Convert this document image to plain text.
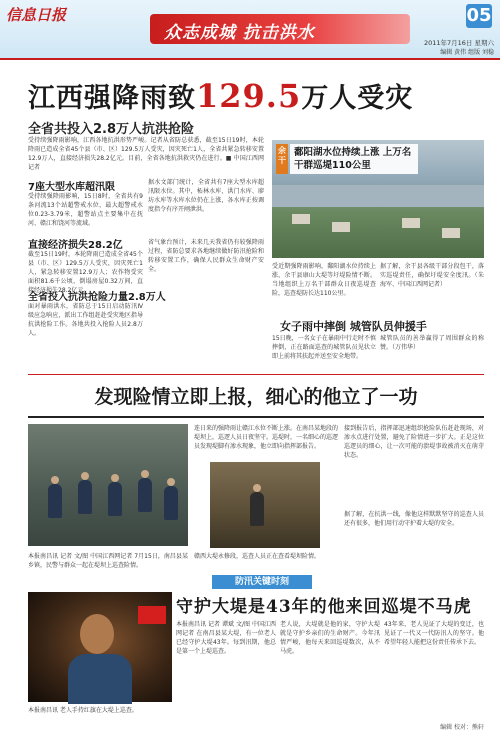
信息日报
众志成城 抗击洪水
05
2011年7月16日 星期六
编辑 黄伟 组版 刘稳
江西强降雨致129.5万人受灾
全省共投入2.8万人抗洪抢险
受持续强降雨影响，江西各地抗洪形势严峻。记者从省防总获悉，截至15日19时，本轮降雨已造成全省45个县（市、区）129.5万人受灾，因灾死亡1人，全省共紧急转移安置12.9万人，直接经济损失28.2亿元。目前，全省各地抗洪救灾仍在进行。■ 中国江西网记者
7座大型水库超汛限
受持续强降雨影响，15日8时，全省共有9条河流13个站超警戒水位，最大超警戒水位0.23-3.79米，超警站点主要集中在抚河、赣江和饶河等流域。
据水文部门统计，全省共有7座大型水库超汛限水位。其中，柘林水库、洪门水库、廖坊水库等水库水位仍在上涨，各水库正按调度指令有序开闸泄洪。
直接经济损失28.2亿
截至15日19时，本轮降雨已造成全省45个县（市、区）129.5万人受灾，因灾死亡1人，紧急转移安置12.9万人；农作物受灾面积81.6千公顷，倒塌房屋0.32万间，直接经济损失28.2亿元。
全省投入抗洪抢险力量2.8万人
面对暴雨洪水，省防总于15日启动防汛Ⅳ级应急响应，派出工作组赶赴受灾地区指导抗洪抢险工作。各地共投入抢险人员2.8万人。
省气象台预计，未来几天我省仍有较强降雨过程，省防总要求各地继续做好防汛抢险和转移安置工作，确保人民群众生命财产安全。
余干
鄱阳湖水位持续上涨 上万名干群巡堤110公里
受近期强降雨影响，鄱阳湖水位持续上涨，余干县康山大堤等圩堤险情不断。当地组织上万名干部群众日夜巡堤查险，巡查堤防长达110公里。
据了解，余干县各级干部分段包干，落实巡堤责任，确保圩堤安全度汛。（朱海军、中国江西网记者）
女子雨中摔倒 城管队员伸援手
15日晚，一名女子在暴雨中行走时不慎摔倒，正在路面巡查的城管队员见状立即上前将其扶起并送至安全地带。
城管队员的善举赢得了周围群众的称赞。（万伟华）
发现险情立即上报，细心的他立了一功
本报南昌讯 记者 文/图 中国江西网记者 7月15日，南昌县某乡镇，民警与群众一起在堤坝上巡查险情。
连日来的强降雨让赣江水位不断上涨。在南昌某地段的堤坝上，巡逻人员日夜坚守。巡堤时，一名细心的巡逻员发现堤脚有渗水现象，他立即向指挥部报告。
赣西大堤永修段，巡查人员正在查看堤坝险情。
接到报告后，指挥部迅速组织抢险队伍赶赴现场，对渗水点进行处置，避免了险情进一步扩大。正是这位巡逻员的细心，让一次可能的溃堤事故被消灭在萌芽状态。
据了解，在抗洪一线，像他这样默默坚守的巡查人员还有很多，他们用行动守护着大堤的安全。
防汛关键时刻
守护大堤是43年的他来回巡堤不马虎
本报南昌讯 老人手持红旗在大堤上巡查。
本报南昌讯 记者 谭斌 文/图 中国江西网记者 在南昌县某大堤，有一位老人已经守护大堤43年。每到汛期，他总是第一个上堤巡查。
老人说，大堤就是他的家，守护大堤就是守护乡亲们的生命财产。今年汛情严峻，他每天来回巡堤数次，从不马虎。
43年来，老人见证了大堤的变迁，也见证了一代又一代防汛人的坚守。他希望年轻人能把这份责任传承下去。
编辑 校对：熊轩
